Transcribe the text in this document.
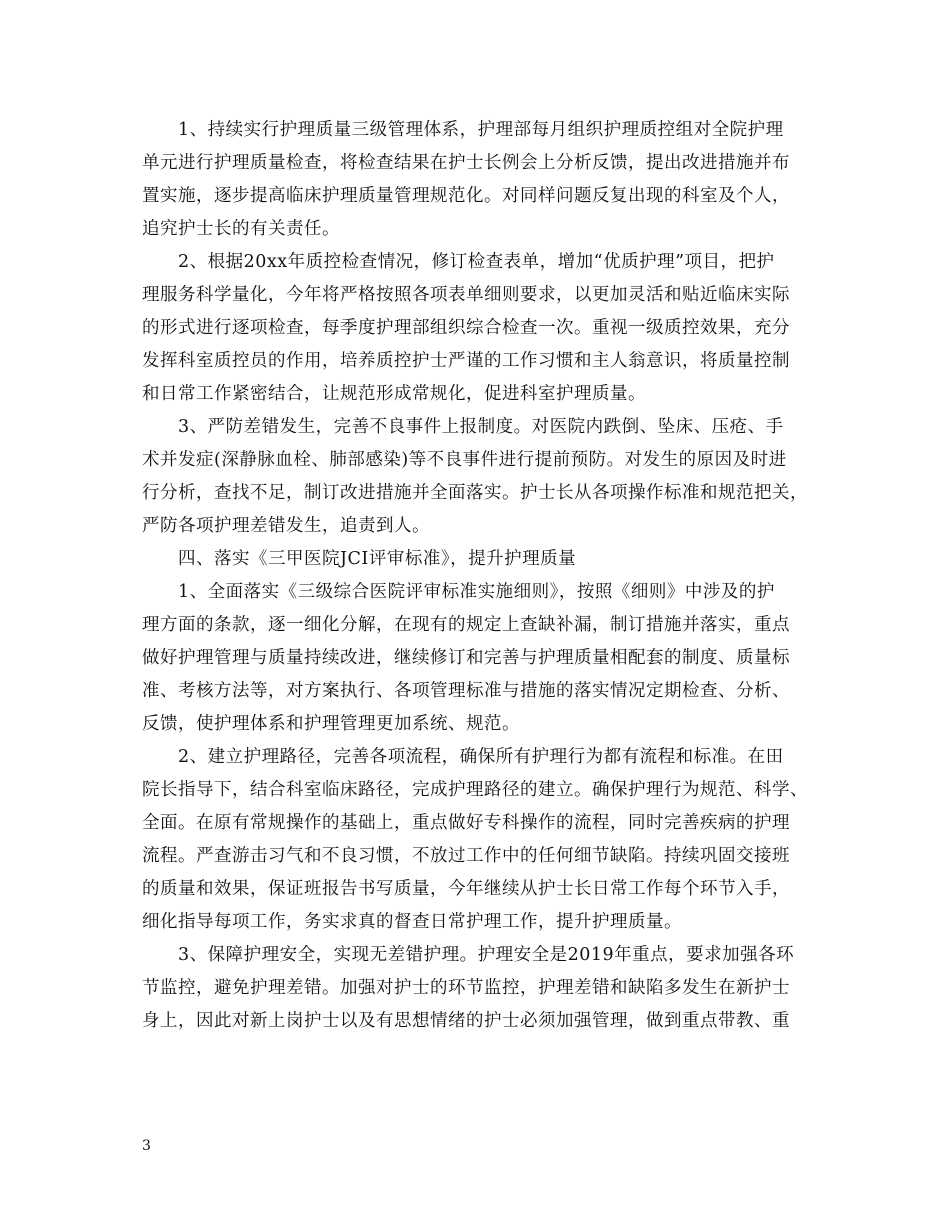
1、持续实行护理质量三级管理体系，护理部每月组织护理质控组对全院护理
单元进行护理质量检查，将检查结果在护士长例会上分析反馈，提出改进措施并布
置实施，逐步提高临床护理质量管理规范化。对同样问题反复出现的科室及个人，
追究护士长的有关责任。
2、根据20xx年质控检查情况，修订检查表单，增加“优质护理”项目，把护
理服务科学量化，今年将严格按照各项表单细则要求，以更加灵活和贴近临床实际
的形式进行逐项检查，每季度护理部组织综合检查一次。重视一级质控效果，充分
发挥科室质控员的作用，培养质控护士严谨的工作习惯和主人翁意识，将质量控制
和日常工作紧密结合，让规范形成常规化，促进科室护理质量。
3、严防差错发生，完善不良事件上报制度。对医院内跌倒、坠床、压疮、手
术并发症(深静脉血栓、肺部感染)等不良事件进行提前预防。对发生的原因及时进
行分析，查找不足，制订改进措施并全面落实。护士长从各项操作标准和规范把关，
严防各项护理差错发生，追责到人。
四、落实《三甲医院JCI评审标准》，提升护理质量
1、全面落实《三级综合医院评审标准实施细则》，按照《细则》中涉及的护
理方面的条款，逐一细化分解，在现有的规定上查缺补漏，制订措施并落实，重点
做好护理管理与质量持续改进，继续修订和完善与护理质量相配套的制度、质量标
准、考核方法等，对方案执行、各项管理标准与措施的落实情况定期检查、分析、
反馈，使护理体系和护理管理更加系统、规范。
2、建立护理路径，完善各项流程，确保所有护理行为都有流程和标准。在田
院长指导下，结合科室临床路径，完成护理路径的建立。确保护理行为规范、科学、
全面。在原有常规操作的基础上，重点做好专科操作的流程，同时完善疾病的护理
流程。严查游击习气和不良习惯，不放过工作中的任何细节缺陷。持续巩固交接班
的质量和效果，保证班报告书写质量，今年继续从护士长日常工作每个环节入手，
细化指导每项工作，务实求真的督查日常护理工作，提升护理质量。
3、保障护理安全，实现无差错护理。护理安全是2019年重点，要求加强各环
节监控，避免护理差错。加强对护士的环节监控，护理差错和缺陷多发生在新护士
身上，因此对新上岗护士以及有思想情绪的护士必须加强管理，做到重点带教、重
3
